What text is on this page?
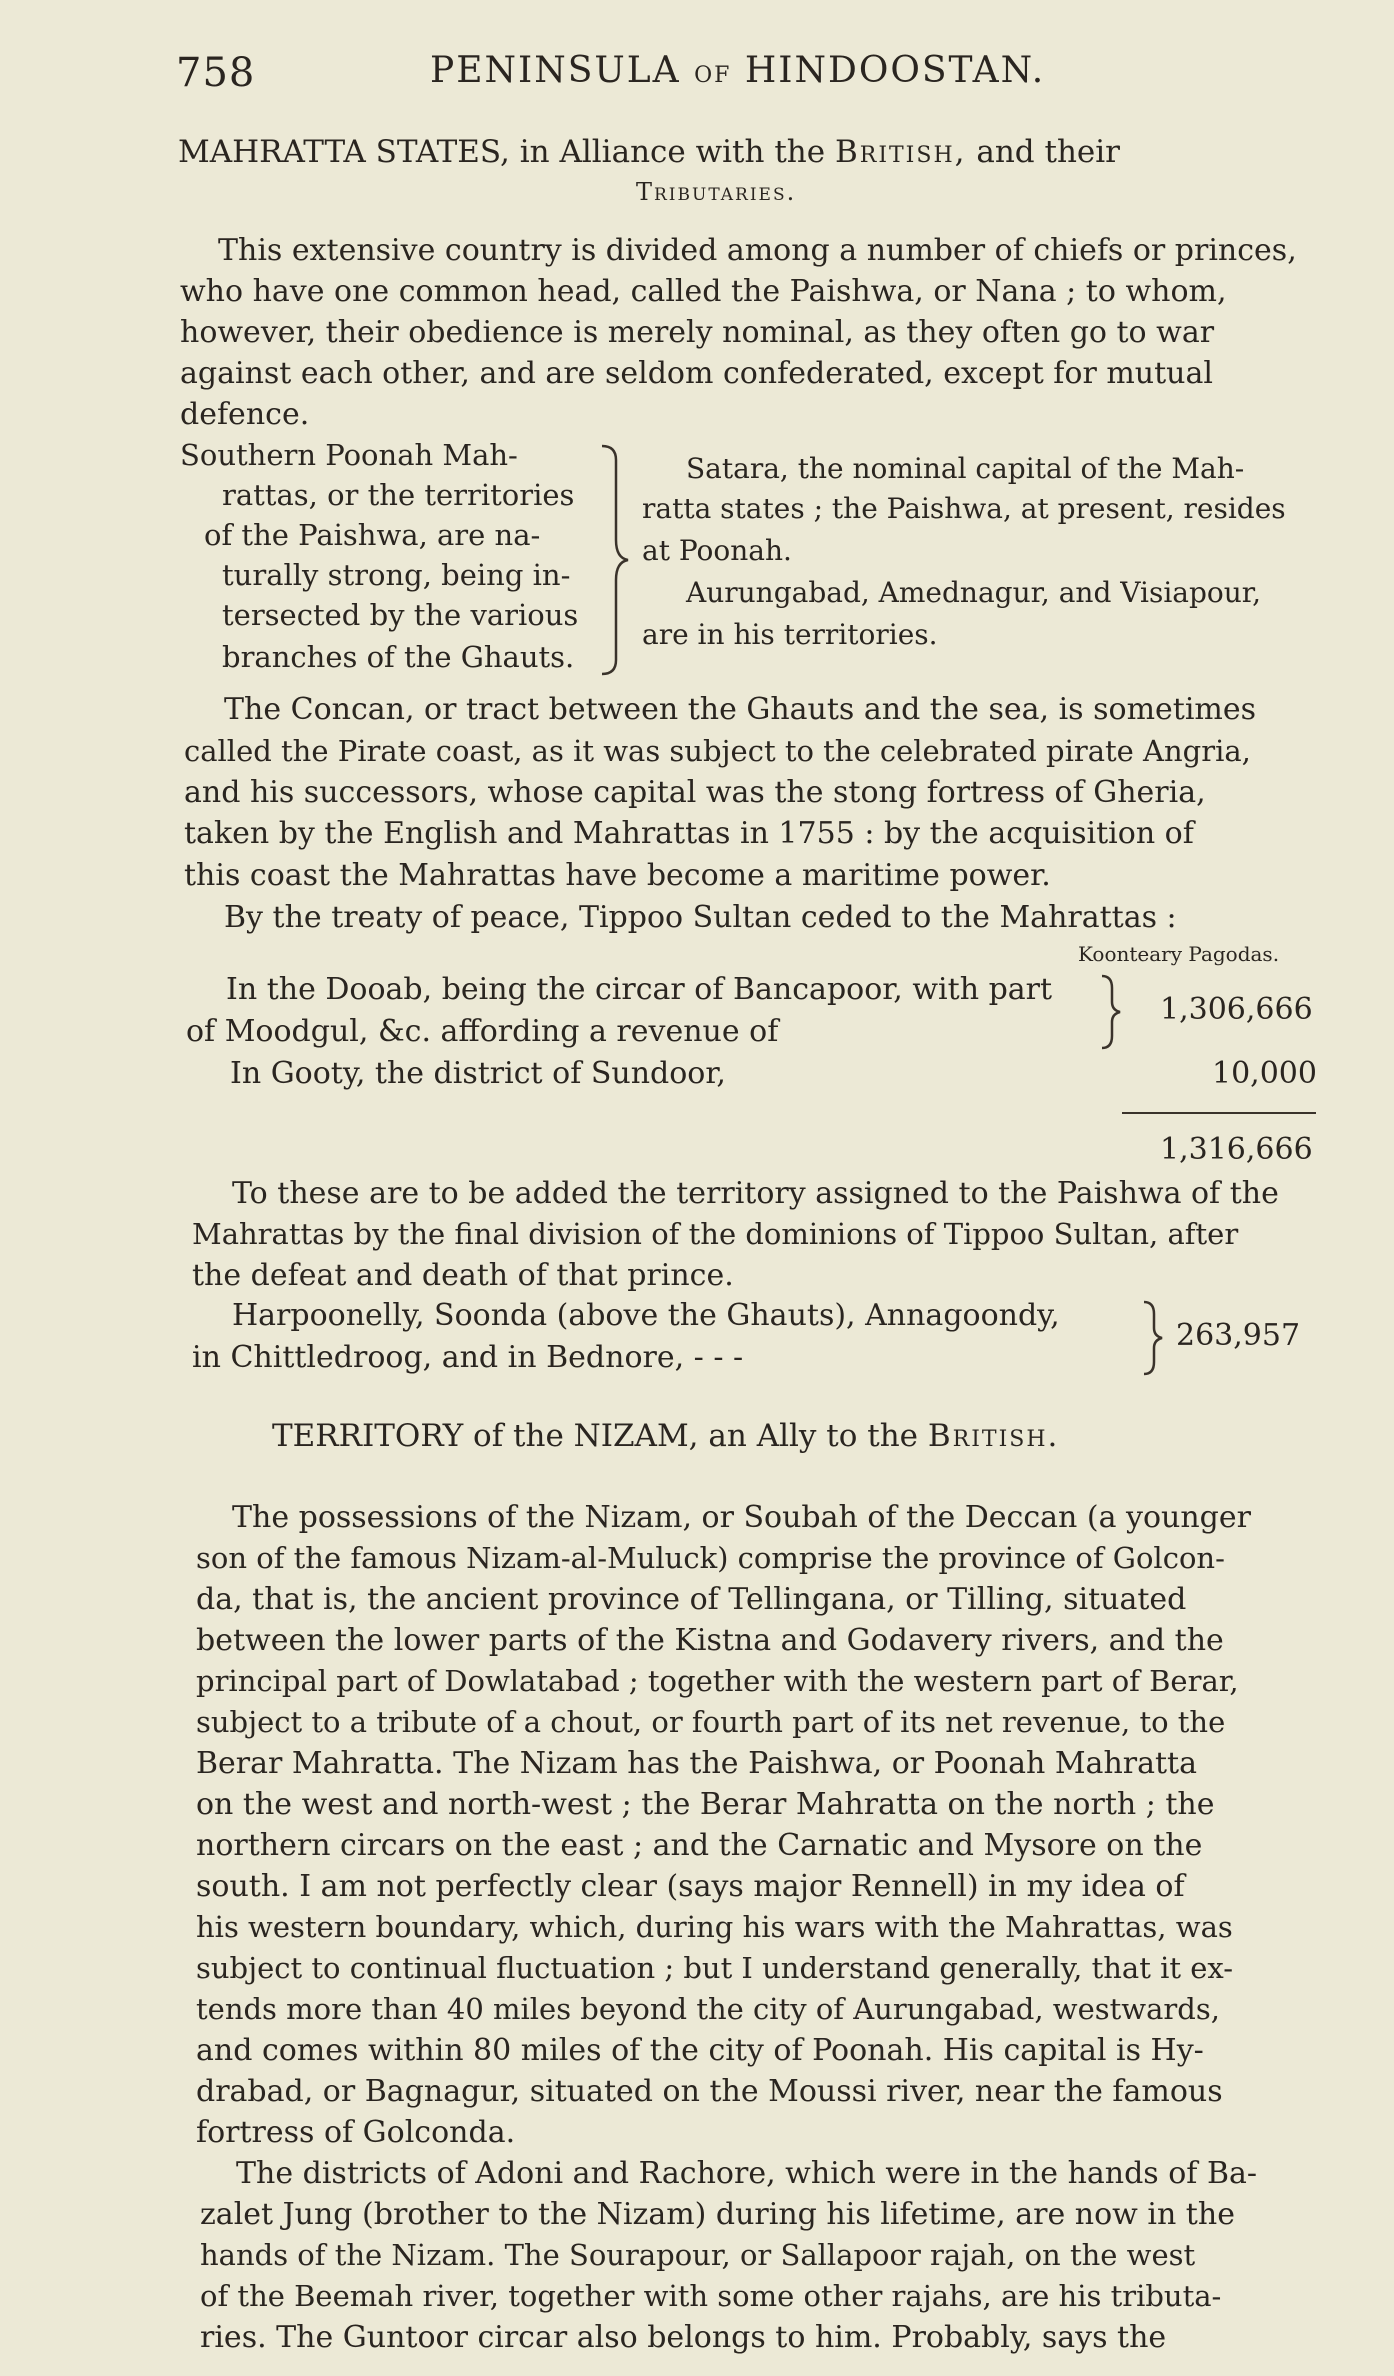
758	PENINSULA OF HINDOOSTAN.
MAHRATTA STATES, in Alliance with the British, and their
Tributaries.
This extensive country is divided among a number of chiefs or princes,
who have one common head, called the Paishwa, or Nana ; to whom,
however, their obedience is merely nominal, as they often go to war
against each other, and are seldom confederated, except for mutual
defence.
Southern Poonah Mah-
rattas, or the territories
of the Paishwa, are na-
turally strong, being in-
tersected by the various
branches of the Ghauts.
Satara, the nominal capital of the Mah-
ratta states ; the Paishwa, at present, resides
at Poonah.
Aurungabad, Amednagur, and Visiapour,
are in his territories.
The Concan, or tract between the Ghauts and the sea, is sometimes
called the Pirate coast, as it was subject to the celebrated pirate Angria,
and his successors, whose capital was the stong fortress of Gheria,
taken by the English and Mahrattas in 1755 : by the acquisition of
this coast the Mahrattas have become a maritime power.
By the treaty of peace, Tippoo Sultan ceded to the Mahrattas :
Koonteary Pagodas.
In the Dooab, being the circar of Bancapoor, with part
of Moodgul, &c. affording a revenue of
1,306,666
In Gooty, the district of Sundoor,	10,000
1,316,666
To these are to be added the territory assigned to the Paishwa of the
Mahrattas by the final division of the dominions of Tippoo Sultan, after
the defeat and death of that prince.
Harpoonelly, Soonda (above the Ghauts), Annagoondy,
in Chittledroog, and in Bednore, - - -
263,957
TERRITORY of the NIZAM, an Ally to the British.
The possessions of the Nizam, or Soubah of the Deccan (a younger
son of the famous Nizam-al-Muluck) comprise the province of Golcon-
da, that is, the ancient province of Tellingana, or Tilling, situated
between the lower parts of the Kistna and Godavery rivers, and the
principal part of Dowlatabad ; together with the western part of Berar,
subject to a tribute of a chout, or fourth part of its net revenue, to the
Berar Mahratta. The Nizam has the Paishwa, or Poonah Mahratta
on the west and north-west ; the Berar Mahratta on the north ; the
northern circars on the east ; and the Carnatic and Mysore on the
south. I am not perfectly clear (says major Rennell) in my idea of
his western boundary, which, during his wars with the Mahrattas, was
subject to continual fluctuation ; but I understand generally, that it ex-
tends more than 40 miles beyond the city of Aurungabad, westwards,
and comes within 80 miles of the city of Poonah. His capital is Hy-
drabad, or Bagnagur, situated on the Moussi river, near the famous
fortress of Golconda.
The districts of Adoni and Rachore, which were in the hands of Ba-
zalet Jung (brother to the Nizam) during his lifetime, are now in the
hands of the Nizam. The Sourapour, or Sallapoor rajah, on the west
of the Beemah river, together with some other rajahs, are his tributa-
ries. The Guntoor circar also belongs to him. Probably, says the
